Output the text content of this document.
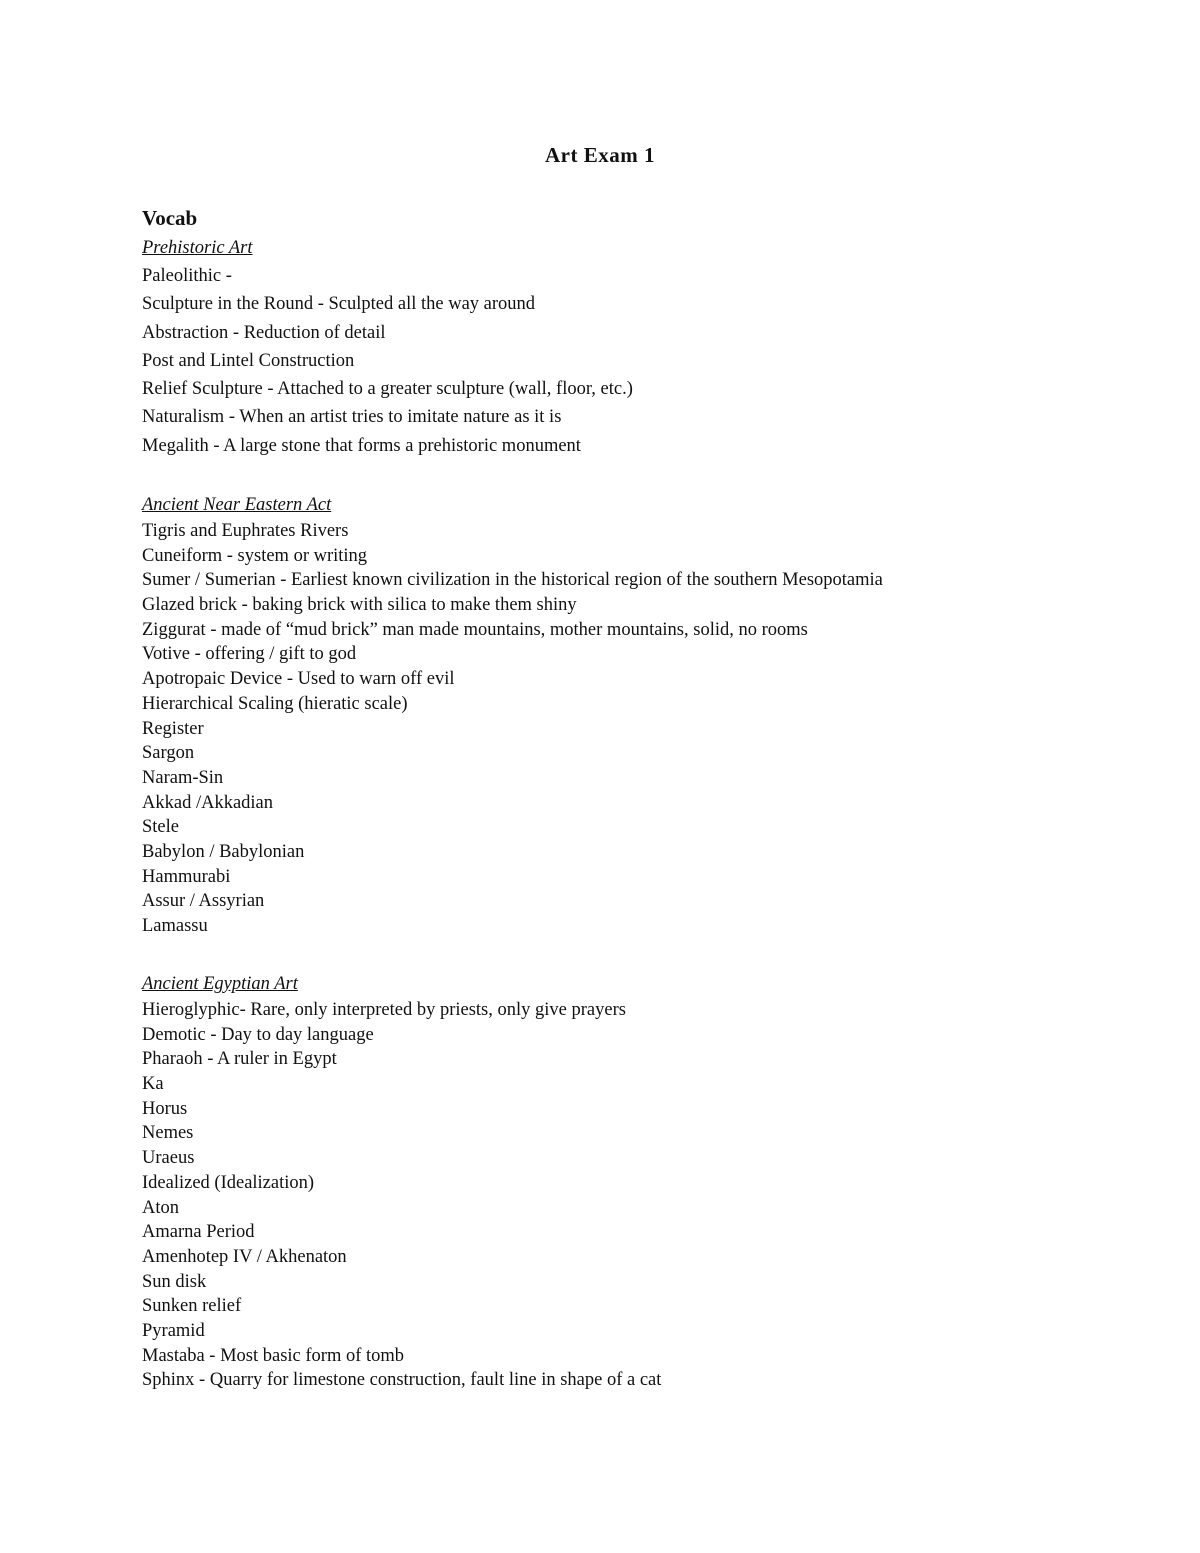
Art Exam 1
Vocab
Prehistoric Art
Paleolithic -
Sculpture in the Round - Sculpted all the way around
Abstraction - Reduction of detail
Post and Lintel Construction
Relief Sculpture - Attached to a greater sculpture (wall, floor, etc.)
Naturalism - When an artist tries to imitate nature as it is
Megalith - A large stone that forms a prehistoric monument
Ancient Near Eastern Act
Tigris and Euphrates Rivers
Cuneiform - system or writing
Sumer / Sumerian - Earliest known civilization in the historical region of the southern Mesopotamia
Glazed brick - baking brick with silica to make them shiny
Ziggurat - made of “mud brick” man made mountains, mother mountains, solid, no rooms
Votive - offering / gift to god
Apotropaic Device - Used to warn off evil
Hierarchical Scaling (hieratic scale)
Register
Sargon
Naram-Sin
Akkad /Akkadian
Stele
Babylon / Babylonian
Hammurabi
Assur / Assyrian
Lamassu
Ancient Egyptian Art
Hieroglyphic- Rare, only interpreted by priests, only give prayers
Demotic - Day to day language
Pharaoh - A ruler in Egypt
Ka
Horus
Nemes
Uraeus
Idealized (Idealization)
Aton
Amarna Period
Amenhotep IV / Akhenaton
Sun disk
Sunken relief
Pyramid
Mastaba - Most basic form of tomb
Sphinx - Quarry for limestone construction, fault line in shape of a cat
